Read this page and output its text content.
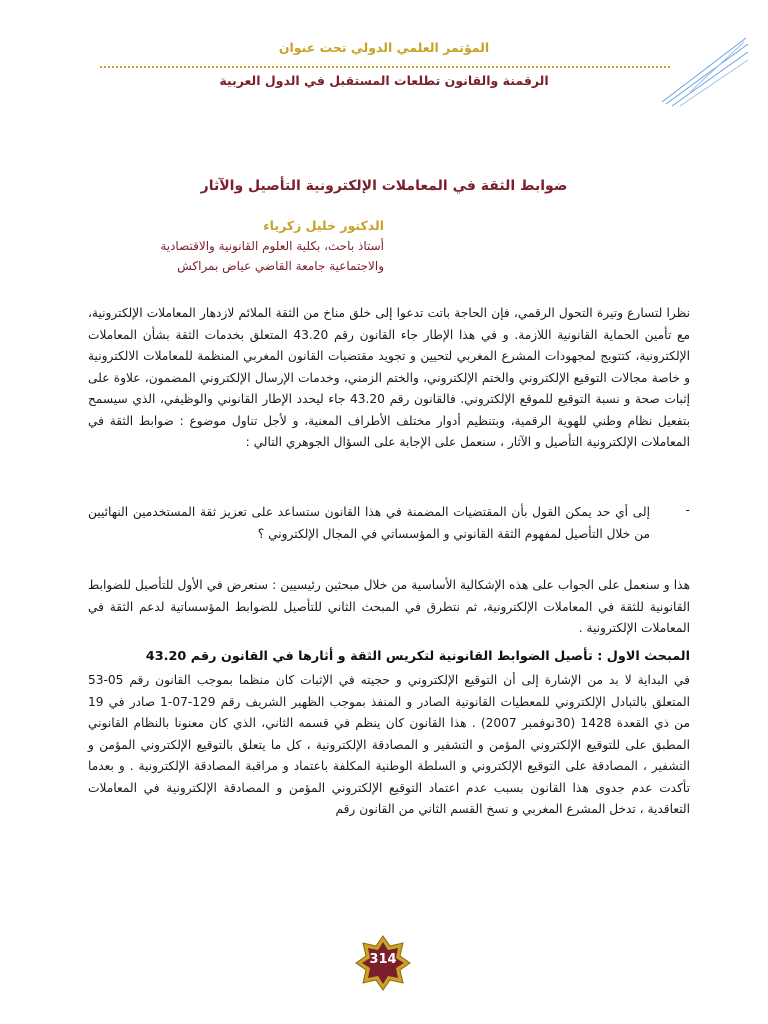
المؤتمر العلمي الدولي تحت عنوان
الرقمنة والقانون تطلعات المستقبل في الدول العربية
ضوابط الثقة في المعاملات الإلكترونية التأصيل والآثار
الدكتور خليل زكرياء
أستاذ باحث، بكلية العلوم القانونية والاقتصادية
والاجتماعية جامعة القاضي عياض بمراكش
نظرا لتسارع وتيرة التحول الرقمي، فإن الحاجة باتت تدعوا إلى خلق مناخ من الثقة الملائم لازدهار المعاملات الإلكترونية، مع تأمين الحماية القانونية اللازمة. و في هذا الإطار جاء القانون رقم 43.20 المتعلق بخدمات الثقة بشأن المعاملات الإلكترونية، كتتويج لمجهودات المشرع المغربي لتحيين و تجويد مقتضيات القانون المغربي المنظمة للمعاملات الالكترونية و خاصة مجالات التوقيع الإلكتروني والختم الإلكتروني، والختم الزمني، وخدمات الإرسال الإلكتروني المضمون، علاوة على إثبات صحة و نسبة التوقيع للموقع الإلكتروني. فالقانون رقم 43.20 جاء ليحدد الإطار القانوني والوظيفي، الذي سيسمح بتفعيل نظام وطني للهوية الرقمية، وبتنظيم أدوار مختلف الأطراف المعنية، و لأجل تناول موضوع : ضوابط الثقة في المعاملات الإلكترونية التأصيل و الآثار ، سنعمل على الإجابة على السؤال الجوهري التالي :
-
إلى أي حد يمكن القول بأن المقتضيات المضمنة في هذا القانون ستساعد على تعزيز ثقة المستخدمين النهائيين من خلال التأصيل لمفهوم الثقة القانوني و المؤسساتي في المجال الإلكتروني ؟
هذا و سنعمل على الجواب على هذه الإشكالية الأساسية من خلال مبحثين رئيسيين : سنعرض في الأول للتأصيل للضوابط القانونية للثقة في المعاملات الإلكترونية، ثم نتطرق في المبحث الثاني للتأصيل للضوابط المؤسساتية لدعم الثقة في المعاملات الإلكترونية .
المبحث الاول : تأصيل الضوابط القانونية لتكريس الثقة و أثارها في القانون رقم 43.20
في البداية لا بد من الإشارة إلى أن التوقيع الإلكتروني و حجيته في الإثبات كان منظما بموجب القانون رقم 05-53 المتعلق بالتبادل الإلكتروني للمعطيات القانونية الصادر و المنفذ بموجب الظهير الشريف رقم 129-07-1 صادر في 19 من ذي القعدة 1428 (30نوفمبر 2007) . هذا القانون كان ينظم في قسمه الثاني، الذي كان معنونا بالنظام القانوني المطبق على للتوقيع الإلكتروني المؤمن و التشفير و المصادقة الإلكترونية ، كل ما يتعلق بالتوقيع الإلكتروني المؤمن و التشفير ، المصادقة على التوقيع الإلكتروني و السلطة الوطنية المكلفة باعتماد و مراقبة المصادقة الإلكترونية . و بعدما تأكدت عدم جدوى هذا القانون بسبب عدم اعتماد التوقيع الإلكتروني المؤمن و المصادقة الإلكترونية في المعاملات التعاقدية ، تدخل المشرع المغربي و نسخ القسم الثاني من القانون رقم
314
